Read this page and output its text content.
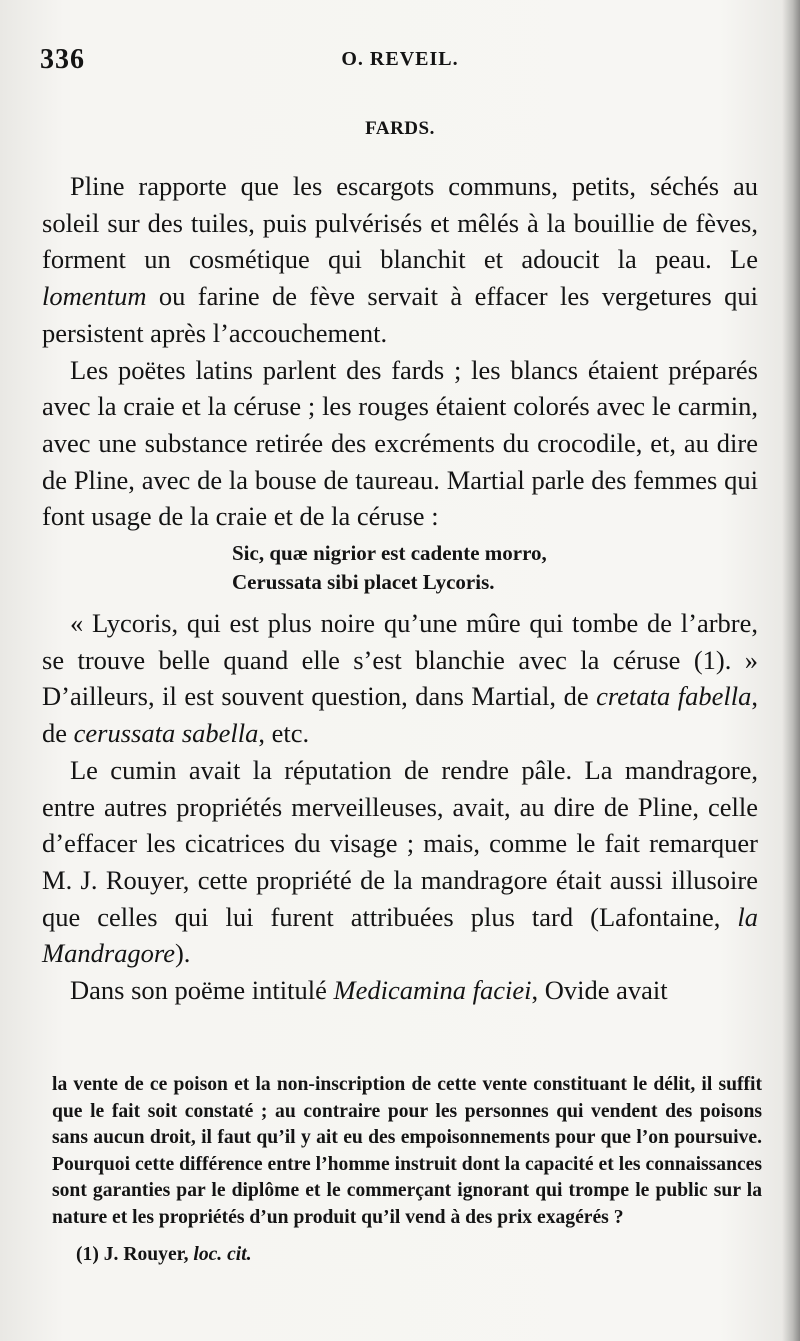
336	O. REVEIL.
FARDS.

Pline rapporte que les escargots communs, petits, séchés au soleil sur des tuiles, puis pulvérisés et mêlés à la bouillie de fèves, forment un cosmétique qui blanchit et adoucit la peau. Le lomentum ou farine de fève servait à effacer les vergetures qui persistent après l’accouchement.

Les poëtes latins parlent des fards ; les blancs étaient préparés avec la craie et la céruse ; les rouges étaient colorés avec le carmin, avec une substance retirée des excréments du crocodile, et, au dire de Pline, avec de la bouse de taureau. Martial parle des femmes qui font usage de la craie et de la céruse :

Sic, quæ nigrior est cadente morro,
Cerussata sibi placet Lycoris.

« Lycoris, qui est plus noire qu’une mûre qui tombe de l’arbre, se trouve belle quand elle s’est blanchie avec la céruse (1). » D’ailleurs, il est souvent question, dans Martial, de cretata fabella, de cerussata sabella, etc.

Le cumin avait la réputation de rendre pâle. La mandragore, entre autres propriétés merveilleuses, avait, au dire de Pline, celle d’effacer les cicatrices du visage ; mais, comme le fait remarquer M. J. Rouyer, cette propriété de la mandragore était aussi illusoire que celles qui lui furent attribuées plus tard (Lafontaine, la Mandragore).

Dans son poëme intitulé Medicamina faciei, Ovide avait

la vente de ce poison et la non-inscription de cette vente constituant le délit, il suffit que le fait soit constaté ; au contraire pour les personnes qui vendent des poisons sans aucun droit, il faut qu’il y ait eu des empoisonnements pour que l’on poursuive. Pourquoi cette différence entre l’homme instruit dont la capacité et les connaissances sont garanties par le diplôme et le commerçant ignorant qui trompe le public sur la nature et les propriétés d’un produit qu’il vend à des prix exagérés ?

(1) J. Rouyer, loc. cit.
